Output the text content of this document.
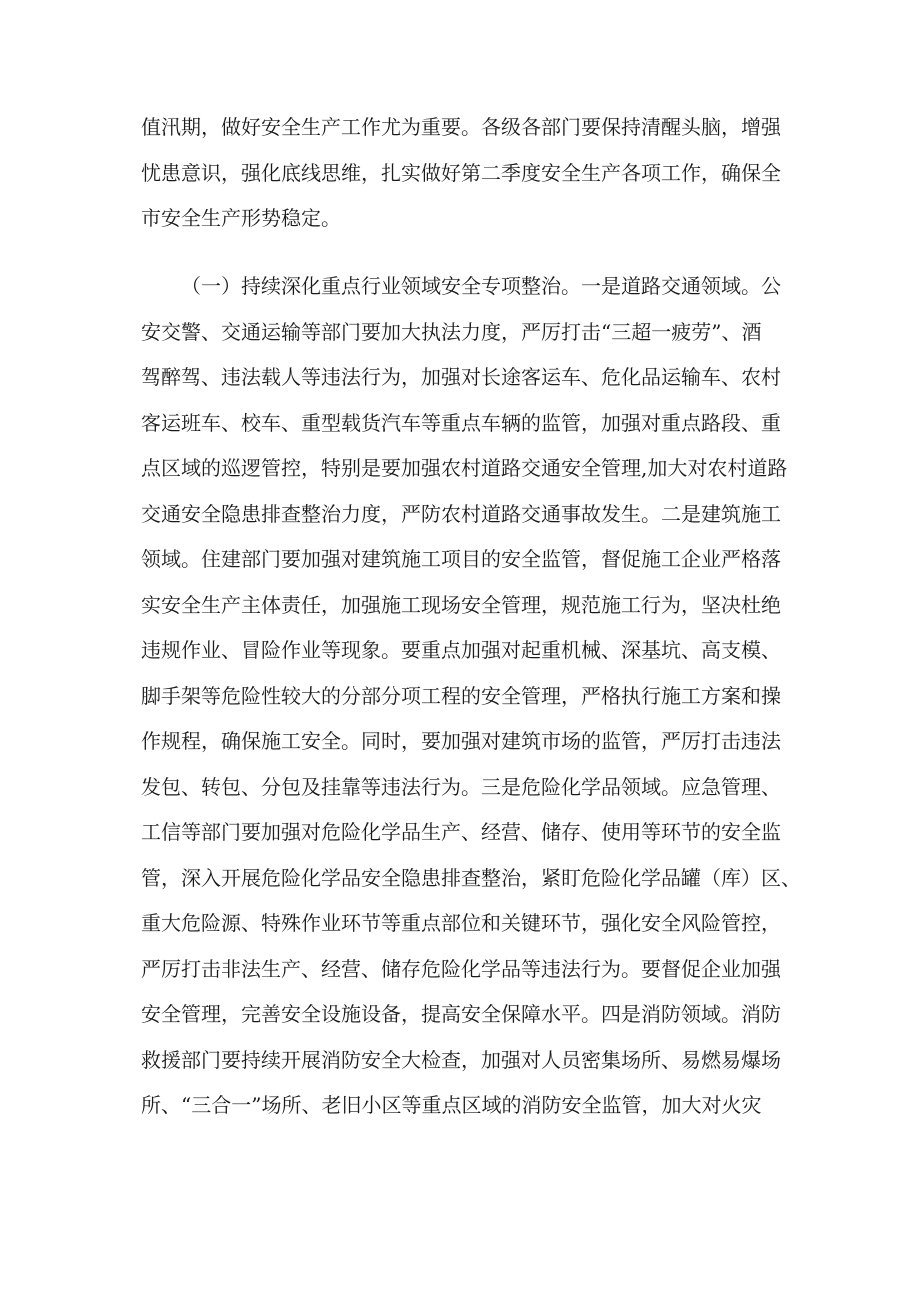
值汛期，做好安全生产工作尤为重要。各级各部门要保持清醒头脑，增强
忧患意识，强化底线思维，扎实做好第二季度安全生产各项工作，确保全
市安全生产形势稳定。
（一）持续深化重点行业领域安全专项整治。一是道路交通领域。公
安交警、交通运输等部门要加大执法力度，严厉打击“三超一疲劳”、酒
驾醉驾、违法载人等违法行为，加强对长途客运车、危化品运输车、农村
客运班车、校车、重型载货汽车等重点车辆的监管，加强对重点路段、重
点区域的巡逻管控，特别是要加强农村道路交通安全管理,加大对农村道路
交通安全隐患排查整治力度，严防农村道路交通事故发生。二是建筑施工
领域。住建部门要加强对建筑施工项目的安全监管，督促施工企业严格落
实安全生产主体责任，加强施工现场安全管理，规范施工行为，坚决杜绝
违规作业、冒险作业等现象。要重点加强对起重机械、深基坑、高支模、
脚手架等危险性较大的分部分项工程的安全管理，严格执行施工方案和操
作规程，确保施工安全。同时，要加强对建筑市场的监管，严厉打击违法
发包、转包、分包及挂靠等违法行为。三是危险化学品领域。应急管理、
工信等部门要加强对危险化学品生产、经营、储存、使用等环节的安全监
管，深入开展危险化学品安全隐患排查整治，紧盯危险化学品罐（库）区、
重大危险源、特殊作业环节等重点部位和关键环节，强化安全风险管控，
严厉打击非法生产、经营、储存危险化学品等违法行为。要督促企业加强
安全管理，完善安全设施设备，提高安全保障水平。四是消防领域。消防
救援部门要持续开展消防安全大检查，加强对人员密集场所、易燃易爆场
所、“三合一”场所、老旧小区等重点区域的消防安全监管，加大对火灾
